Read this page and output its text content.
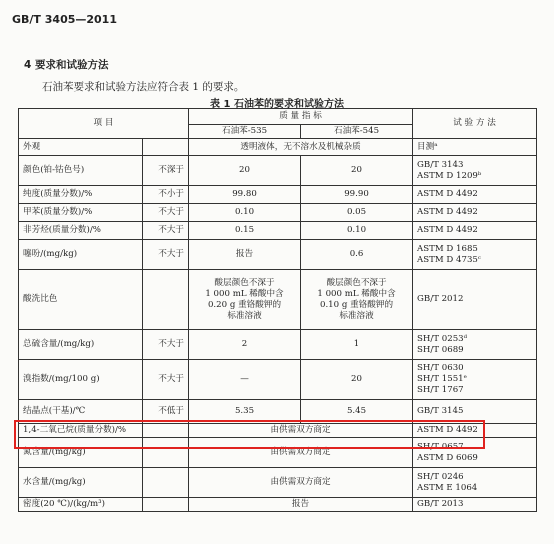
GB/T 3405—2011
4 要求和试验方法
石油苯要求和试验方法应符合表 1 的要求。
表 1 石油苯的要求和试验方法
项 目		质 量 指 标		试 验 方 法
		石油苯-535	石油苯-545	
外观		透明液体，无不溶水及机械杂质		目测ᵃ
颜色(铂-钴色号)	不深于	20	20	GB/T 3143
ASTM D 1209ᵇ
纯度(质量分数)/%	不小于	99.80	99.90	ASTM D 4492
甲苯(质量分数)/%	不大于	0.10	0.05	ASTM D 4492
非芳烃(质量分数)/%	不大于	0.15	0.10	ASTM D 4492
噻吩/(mg/kg)	不大于	报告	0.6	ASTM D 1685
ASTM D 4735ᶜ
酸洗比色		酸层颜色不深于
1 000 mL 稀酸中含
0.20 g 重铬酸钾的
标准溶液	酸层颜色不深于
1 000 mL 稀酸中含
0.10 g 重铬酸钾的
标准溶液	GB/T 2012
总硫含量/(mg/kg)	不大于	2	1	SH/T 0253ᵈ
SH/T 0689
溴指数/(mg/100 g)	不大于	—	20	SH/T 0630
SH/T 1551ᵉ
SH/T 1767
结晶点(干基)/℃	不低于	5.35	5.45	GB/T 3145
1,4-二氧己烷(质量分数)/%		由供需双方商定		ASTM D 4492
氮含量/(mg/kg)		由供需双方商定		SH/T 0657
ASTM D 6069
水含量/(mg/kg)		由供需双方商定		SH/T 0246
ASTM E 1064
密度(20 ℃)/(kg/m³)		报告		GB/T 2013
